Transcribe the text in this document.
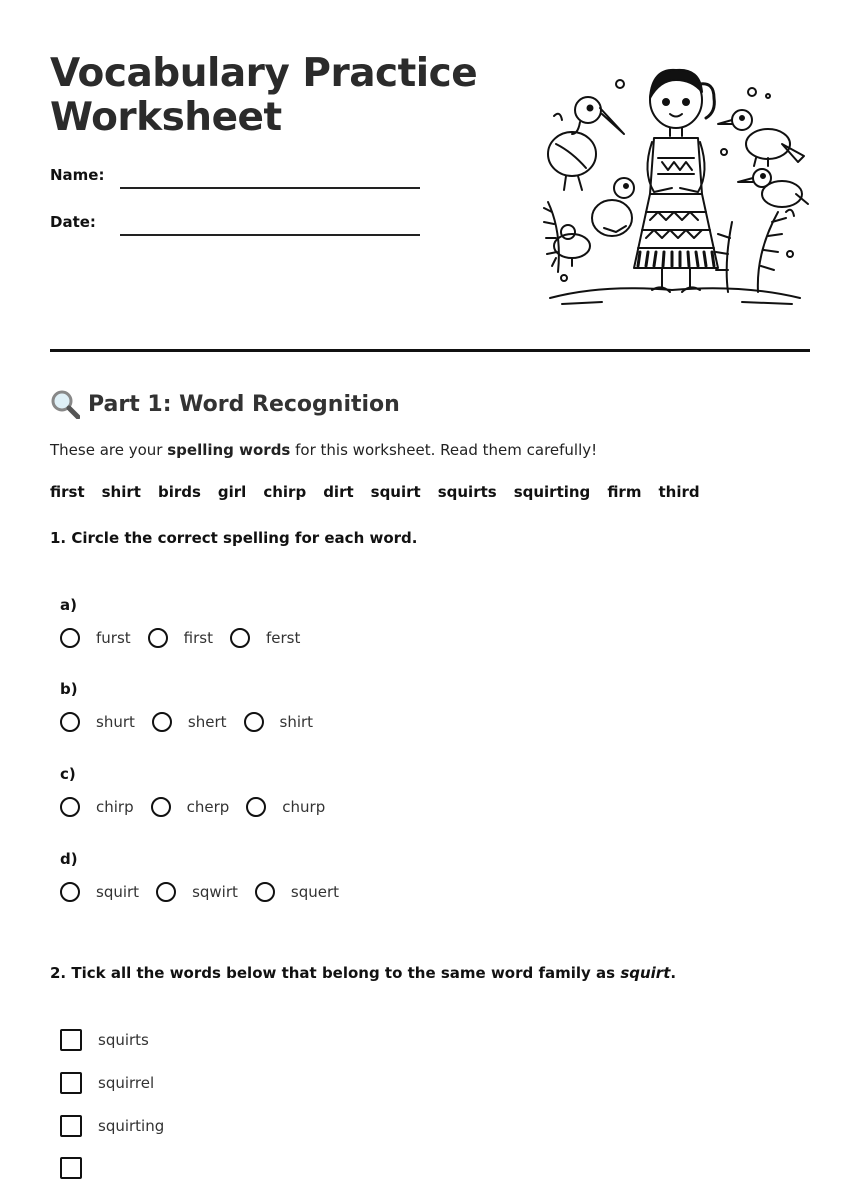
Vocabulary Practice
Worksheet
Name:
Date:
Part 1: Word Recognition
These are your spelling words for this worksheet. Read them carefully!
first shirt birds girl chirp dirt squirt squirts squirting firm third
1. Circle the correct spelling for each word.
a)
furst	first	ferst
b)
shurt	shert	shirt
c)
chirp	cherp	churp
d)
squirt	sqwirt	squert
2. Tick all the words below that belong to the same word family as squirt.
squirts
squirrel
squirting
